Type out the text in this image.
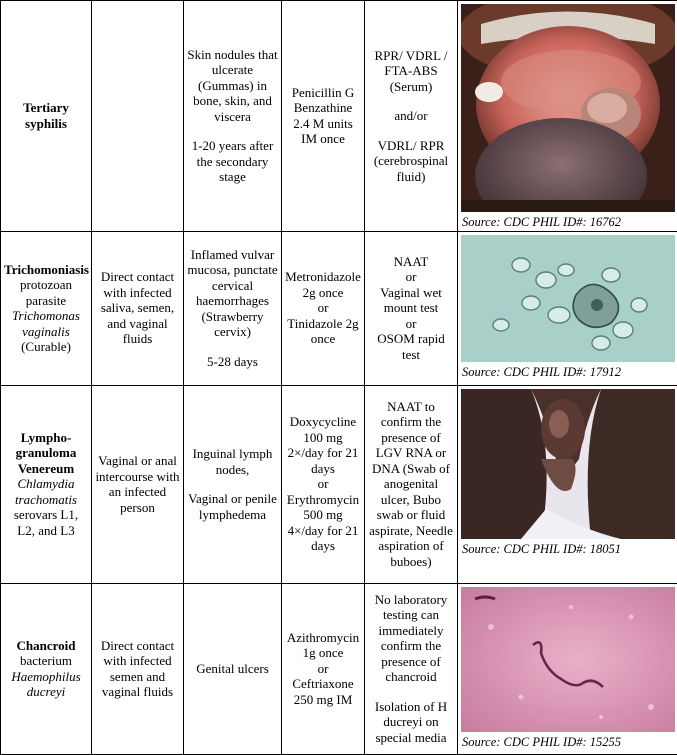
Tertiary syphilis		Skin nodules that ulcerate (Gummas) in bone, skin, and viscera
1-20 years after the secondary stage	Penicillin G Benzathine 2.4 M units IM once	RPR/ VDRL / FTA-ABS (Serum)
and/or
VDRL/ RPR (cerebrospinal fluid)	Source: CDC PHIL ID#: 16762

Trichomoniasis
protozoan parasite
Trichomonas vaginalis
(Curable)	Direct contact with infected saliva, semen, and vaginal fluids	Inflamed vulvar mucosa, punctate cervical haemorrhages (Strawberry cervix)
5-28 days	Metronidazole 2g once
or
Tinidazole 2g once	NAAT
or
Vaginal wet mount test
or
OSOM rapid test	Source: CDC PHIL ID#: 17912

Lympho-granuloma Venereum
Chlamydia trachomatis
serovars L1, L2, and L3	Vaginal or anal intercourse with an infected person	Inguinal lymph nodes,
Vaginal or penile lymphedema	Doxycycline 100 mg 2×/day for 21 days
or
Erythromycin 500 mg 4×/day for 21 days	NAAT to confirm the presence of LGV RNA or DNA (Swab of anogenital ulcer, Bubo swab or fluid aspirate, Needle aspiration of buboes)	Source: CDC PHIL ID#: 18051

Chancroid
bacterium
Haemophilus ducreyi	Direct contact with infected semen and vaginal fluids	Genital ulcers	Azithromycin 1g once
or
Ceftriaxone 250 mg IM	No laboratory testing can immediately confirm the presence of chancroid
Isolation of H ducreyi on special media	Source: CDC PHIL ID#: 15255
